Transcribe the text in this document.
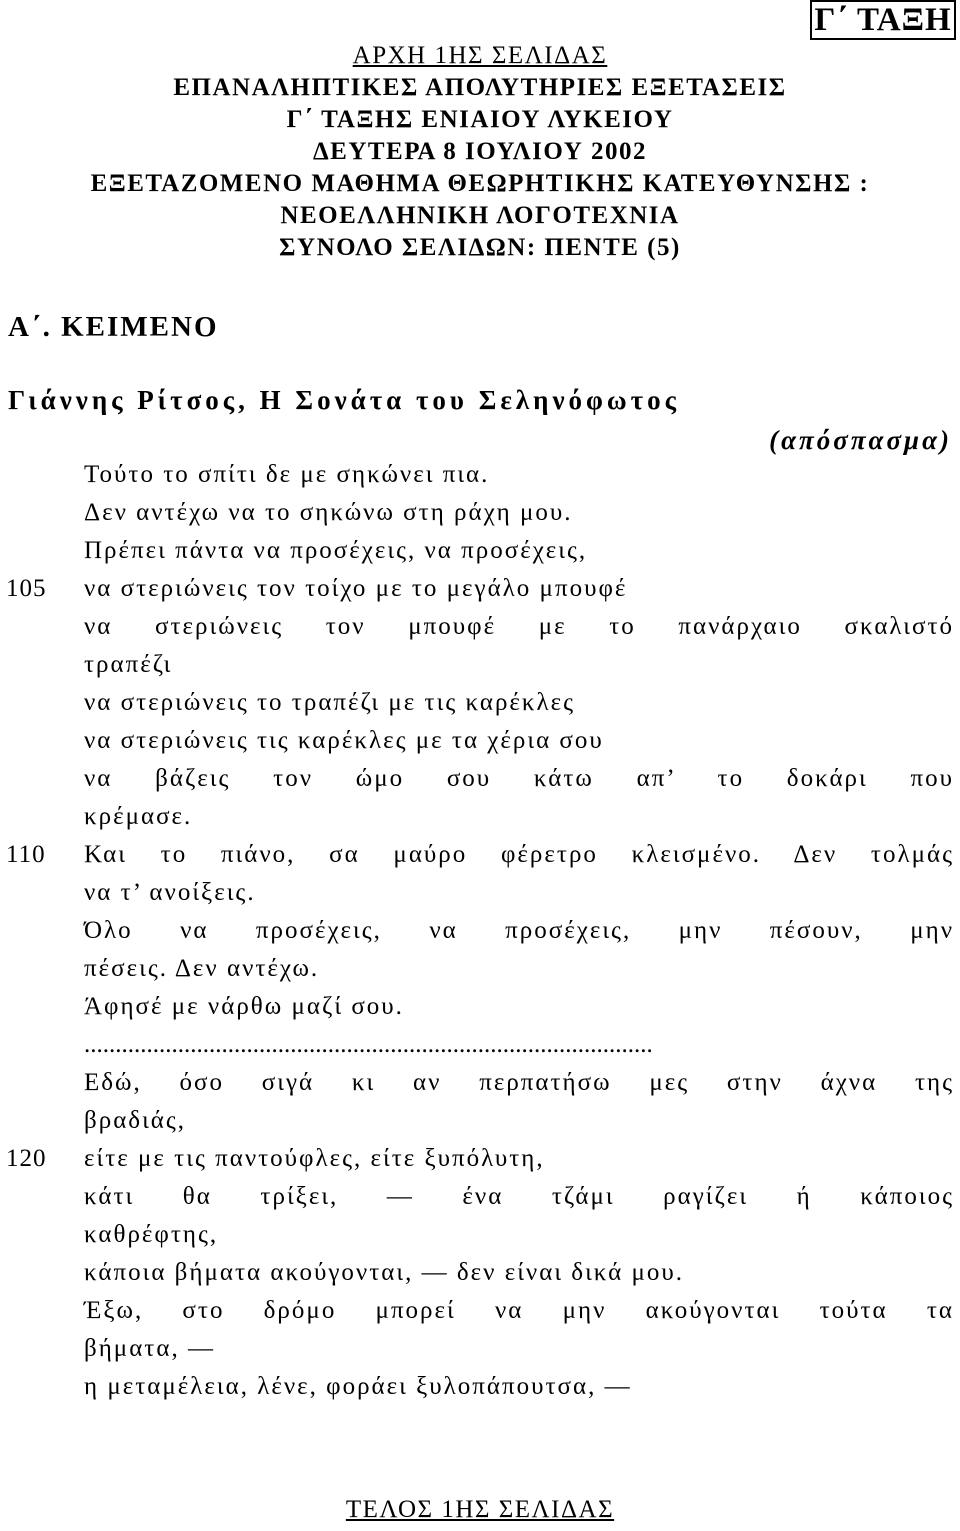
Γ΄ ΤΑΞΗ
ΑΡΧΗ 1ΗΣ ΣΕΛΙΔΑΣ
ΕΠΑΝΑΛΗΠΤΙΚΕΣ ΑΠΟΛΥΤΗΡΙΕΣ ΕΞΕΤΑΣΕΙΣ
Γ΄ ΤΑΞΗΣ ΕΝΙΑΙΟΥ ΛΥΚΕΙΟΥ
ΔΕΥΤΕΡΑ 8 ΙΟΥΛΙΟΥ 2002
ΕΞΕΤΑΖΟΜΕΝΟ ΜΑΘΗΜΑ ΘΕΩΡΗΤΙΚΗΣ ΚΑΤΕΥΘΥΝΣΗΣ :
ΝΕΟΕΛΛΗΝΙΚΗ ΛΟΓΟΤΕΧΝΙΑ
ΣΥΝΟΛΟ ΣΕΛΙΔΩΝ: ΠΕΝΤΕ (5)
Α΄. ΚΕΙΜΕΝΟ
Γιάννης Ρίτσος, Η Σονάτα του Σεληνόφωτος
(απόσπασμα)
Τούτο το σπίτι δε με σηκώνει πια.
Δεν αντέχω να το σηκώνω στη ράχη μου.
Πρέπει πάντα να προσέχεις, να προσέχεις,
105	να στεριώνεις τον τοίχο με το μεγάλο μπουφέ
να στεριώνεις τον μπουφέ με το πανάρχαιο σκαλιστό
τραπέζι
να στεριώνεις το τραπέζι με τις καρέκλες
να στεριώνεις τις καρέκλες με τα χέρια σου
να βάζεις τον ώμο σου κάτω απ’ το δοκάρι που
κρέμασε.
110	Και το πιάνο, σα μαύρο φέρετρο κλεισμένο. Δεν τολμάς
να τ’ ανοίξεις.
Όλο να προσέχεις, να προσέχεις, μην πέσουν, μην
πέσεις. Δεν αντέχω.
Άφησέ με νάρθω μαζί σου.
...........................................................................................
Εδώ, όσο σιγά κι αν περπατήσω μες στην άχνα της
βραδιάς,
120	είτε με τις παντούφλες, είτε ξυπόλυτη,
κάτι θα τρίξει, — ένα τζάμι ραγίζει ή κάποιος
καθρέφτης,
κάποια βήματα ακούγονται, — δεν είναι δικά μου.
Έξω, στο δρόμο μπορεί να μην ακούγονται τούτα τα
βήματα, —
η μεταμέλεια, λένε, φοράει ξυλοπάπουτσα, —
ΤΕΛΟΣ 1ΗΣ ΣΕΛΙΔΑΣ
